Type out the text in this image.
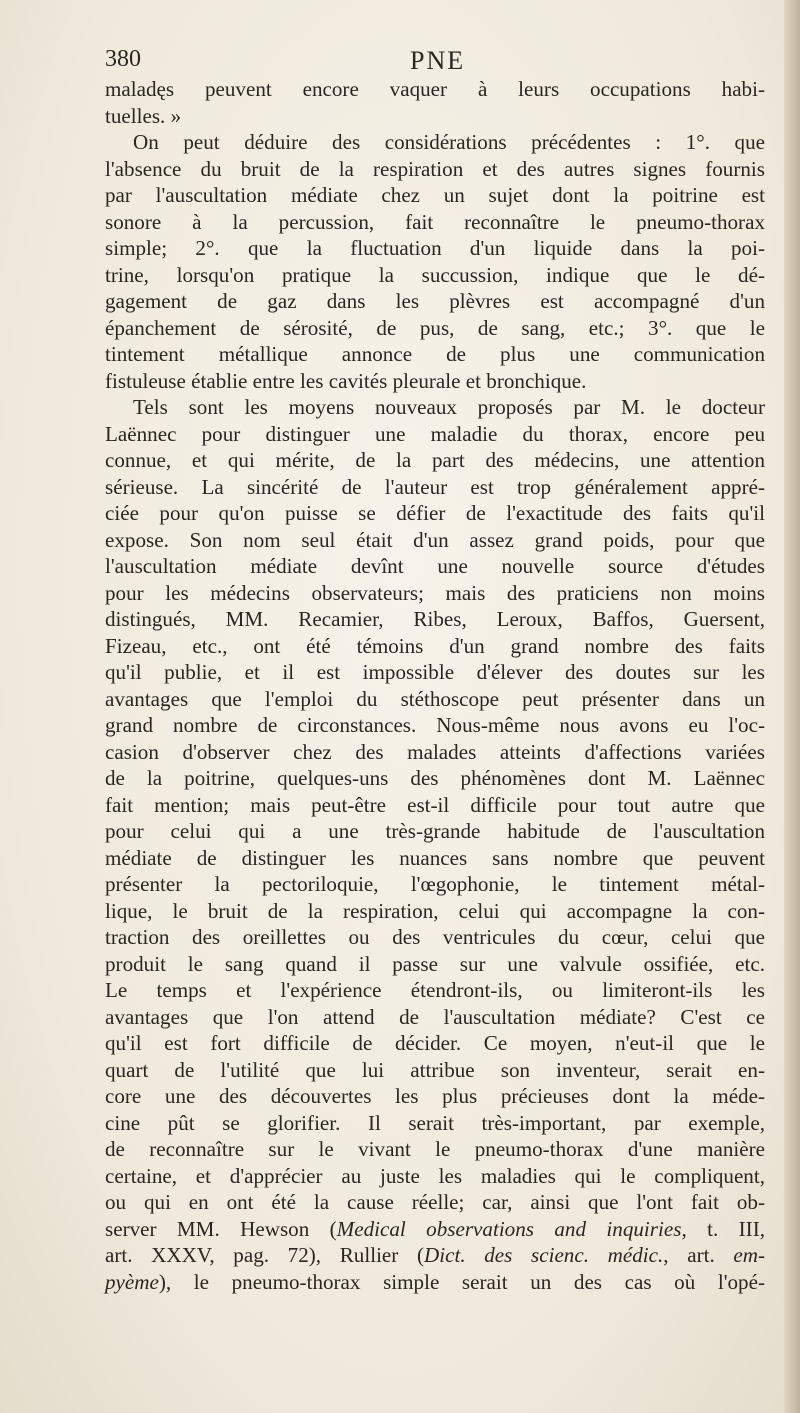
380	PNE
maladęs peuvent encore vaquer à leurs occupations habi-
tuelles. »
On peut déduire des considérations précédentes : 1°. que
l'absence du bruit de la respiration et des autres signes fournis
par l'auscultation médiate chez un sujet dont la poitrine est
sonore à la percussion, fait reconnaître le pneumo-thorax
simple; 2°. que la fluctuation d'un liquide dans la poi-
trine, lorsqu'on pratique la succussion, indique que le dé-
gagement de gaz dans les plèvres est accompagné d'un
épanchement de sérosité, de pus, de sang, etc.; 3°. que le
tintement métallique annonce de plus une communication
fistuleuse établie entre les cavités pleurale et bronchique.
Tels sont les moyens nouveaux proposés par M. le docteur
Laënnec pour distinguer une maladie du thorax, encore peu
connue, et qui mérite, de la part des médecins, une attention
sérieuse. La sincérité de l'auteur est trop généralement appré-
ciée pour qu'on puisse se défier de l'exactitude des faits qu'il
expose. Son nom seul était d'un assez grand poids, pour que
l'auscultation médiate devînt une nouvelle source d'études
pour les médecins observateurs; mais des praticiens non moins
distingués, MM. Recamier, Ribes, Leroux, Baffos, Guersent,
Fizeau, etc., ont été témoins d'un grand nombre des faits
qu'il publie, et il est impossible d'élever des doutes sur les
avantages que l'emploi du stéthoscope peut présenter dans un
grand nombre de circonstances. Nous-même nous avons eu l'oc-
casion d'observer chez des malades atteints d'affections variées
de la poitrine, quelques-uns des phénomènes dont M. Laënnec
fait mention; mais peut-être est-il difficile pour tout autre que
pour celui qui a une très-grande habitude de l'auscultation
médiate de distinguer les nuances sans nombre que peuvent
présenter la pectoriloquie, l'œgophonie, le tintement métal-
lique, le bruit de la respiration, celui qui accompagne la con-
traction des oreillettes ou des ventricules du cœur, celui que
produit le sang quand il passe sur une valvule ossifiée, etc.
Le temps et l'expérience étendront-ils, ou limiteront-ils les
avantages que l'on attend de l'auscultation médiate? C'est ce
qu'il est fort difficile de décider. Ce moyen, n'eut-il que le
quart de l'utilité que lui attribue son inventeur, serait en-
core une des découvertes les plus précieuses dont la méde-
cine pût se glorifier. Il serait très-important, par exemple,
de reconnaître sur le vivant le pneumo-thorax d'une manière
certaine, et d'apprécier au juste les maladies qui le compliquent,
ou qui en ont été la cause réelle; car, ainsi que l'ont fait ob-
server MM. Hewson (Medical observations and inquiries, t. III,
art. XXXV, pag. 72), Rullier (Dict. des scienc. médic., art. em-
pyème), le pneumo-thorax simple serait un des cas où l'opé-
